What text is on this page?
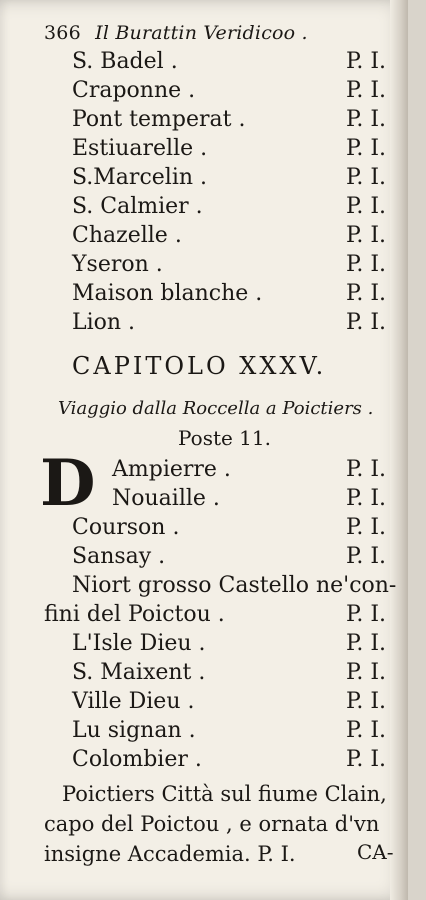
366 Il Burattin Veridicoo .
S. Badel .	P. I.
Craponne .	P. I.
Pont temperat .	P. I.
Estiuarelle .	P. I.
S.Marcelin .	P. I.
S. Calmier .	P. I.
Chazelle .	P. I.
Yseron .	P. I.
Maison blanche .	P. I.
Lion .	P. I.
CAPITOLO XXXV.
Viaggio dalla Roccella a Poictiers .
Poste 11.
D Ampierre .	P. I.
Nouaille .	P. I.
Courson .	P. I.
Sansay .	P. I.
Niort grosso Castello ne'con-
fini del Poictou .	P. I.
L'Isle Dieu .	P. I.
S. Maixent .	P. I.
Ville Dieu .	P. I.
Lu signan .	P. I.
Colombier .	P. I.
Poictiers Città sul fiume Clain,
capo del Poictou , e ornata d'vn
insigne Accademia. P. I.	CA-
